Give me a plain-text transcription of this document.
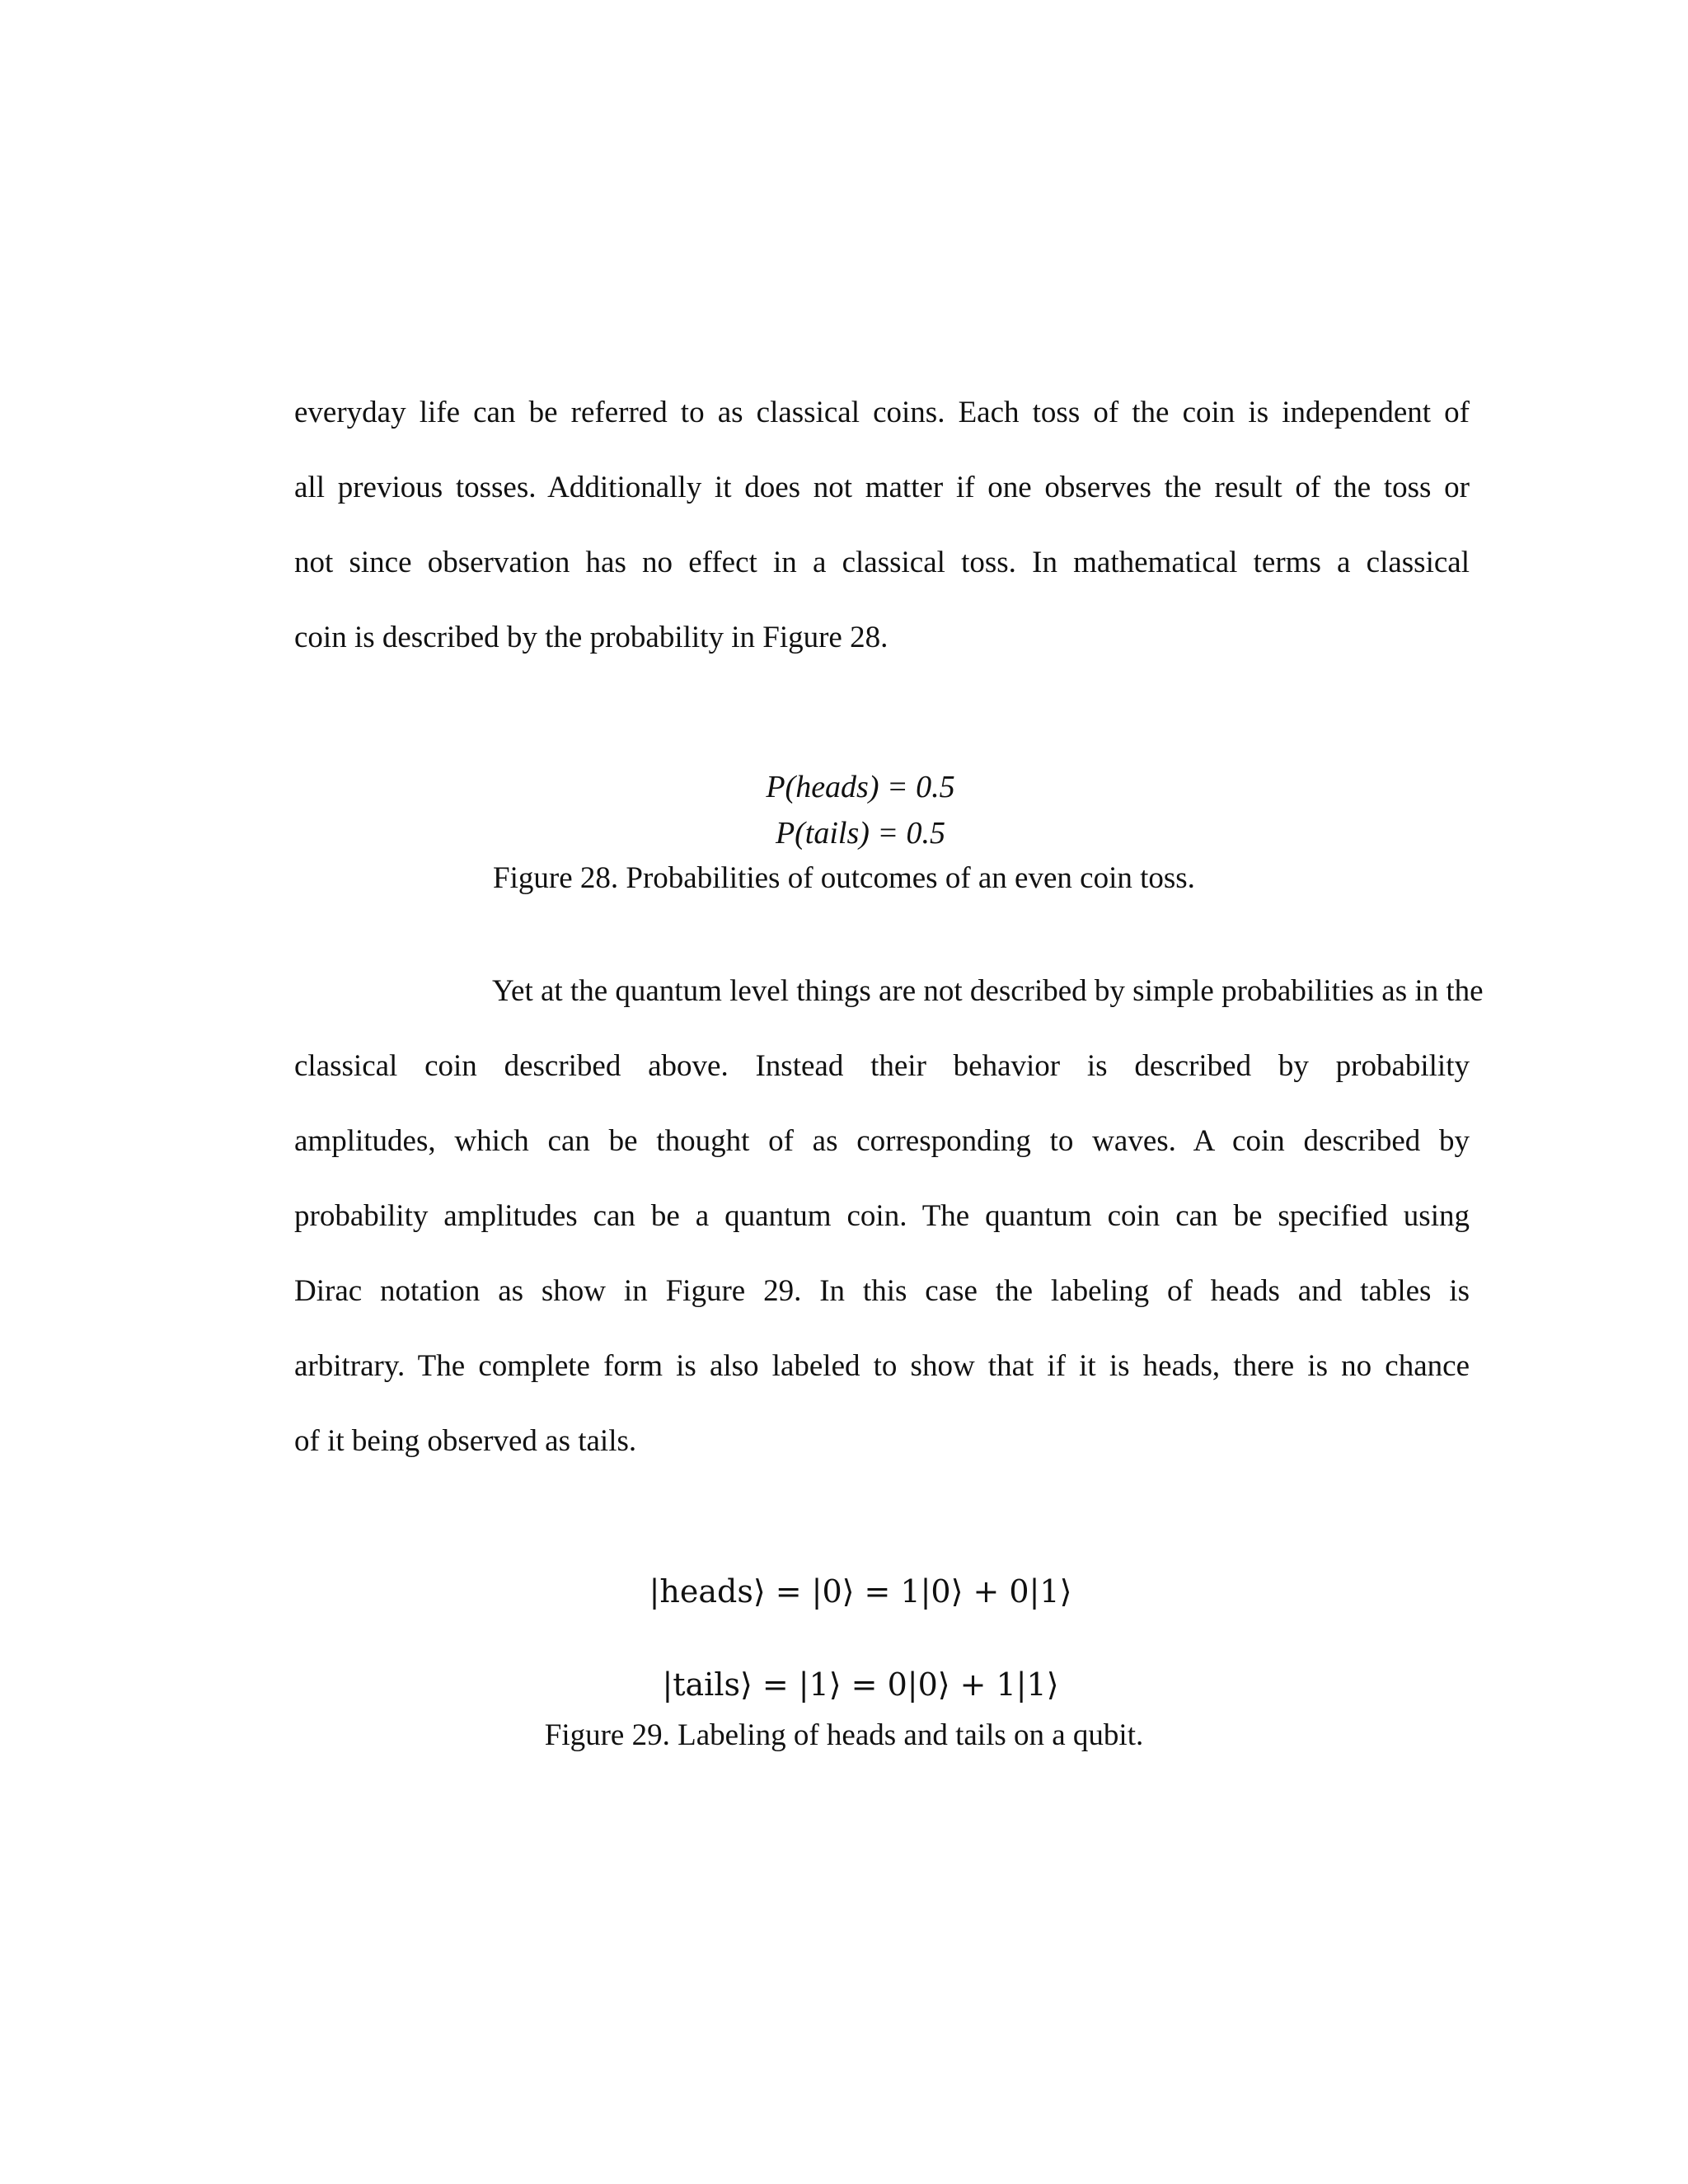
everyday life can be referred to as classical coins. Each toss of the coin is independent of
all previous tosses. Additionally it does not matter if one observes the result of the toss or
not since observation has no effect in a classical toss. In mathematical terms a classical
coin is described by the probability in Figure 28.
P(heads) = 0.5
P(tails) = 0.5
Figure 28. Probabilities of outcomes of an even coin toss.
Yet at the quantum level things are not described by simple probabilities as in the
classical coin described above. Instead their behavior is described by probability
amplitudes, which can be thought of as corresponding to waves. A coin described by
probability amplitudes can be a quantum coin. The quantum coin can be specified using
Dirac notation as show in Figure 29. In this case the labeling of heads and tables is
arbitrary. The complete form is also labeled to show that if it is heads, there is no chance
of it being observed as tails.
|heads⟩ = |0⟩ = 1|0⟩ + 0|1⟩
|tails⟩ = |1⟩ = 0|0⟩ + 1|1⟩
Figure 29. Labeling of heads and tails on a qubit.
